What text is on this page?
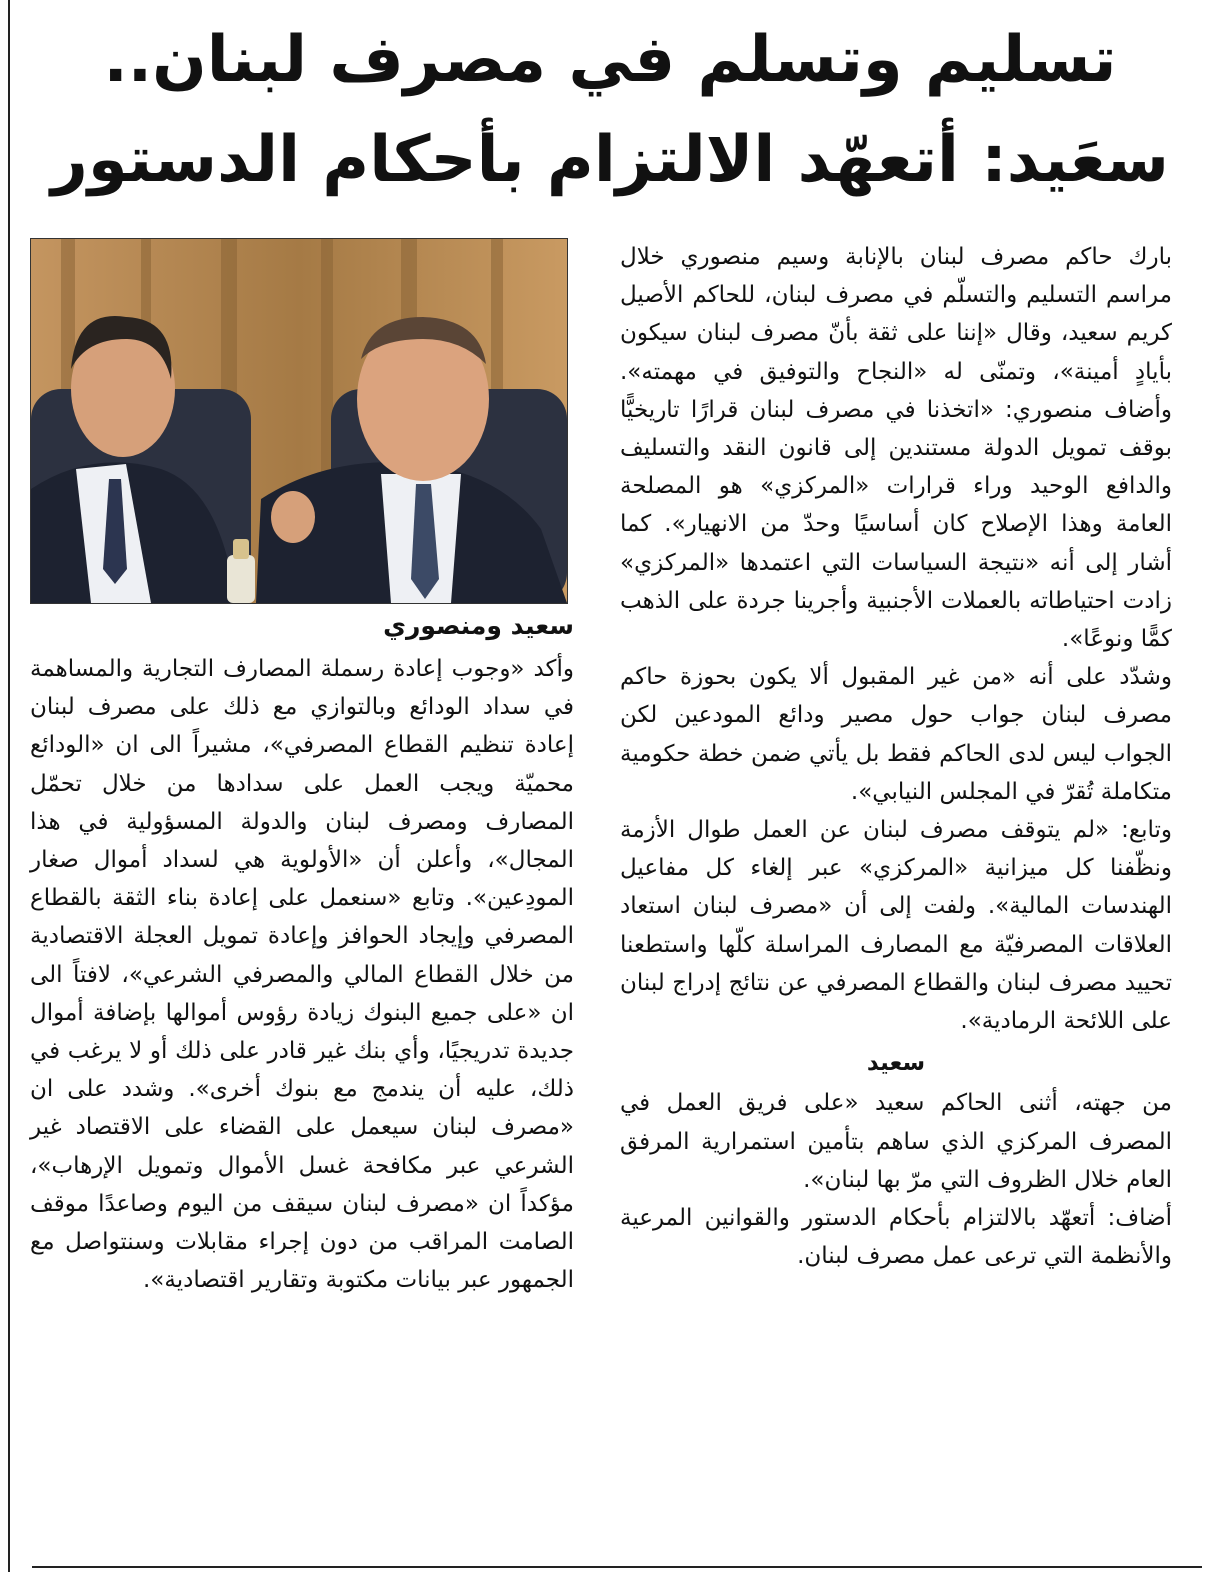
تسليم وتسلم في مصرف لبنان..
سعَيد: أتعهّد الالتزام بأحكام الدستور

بارك حاكم مصرف لبنان بالإنابة وسيم منصوري خلال مراسم التسليم والتسلّم في مصرف لبنان، للحاكم الأصيل كريم سعيد، وقال «إننا على ثقة بأنّ مصرف لبنان سيكون بأيادٍ أمينة»، وتمنّى له «النجاح والتوفيق في مهمته». وأضاف منصوري: «اتخذنا في مصرف لبنان قرارًا تاريخيًّا بوقف تمويل الدولة مستندين إلى قانون النقد والتسليف والدافع الوحيد وراء قرارات «المركزي» هو المصلحة العامة وهذا الإصلاح كان أساسيًا وحدّ من الانهيار». كما أشار إلى أنه «نتيجة السياسات التي اعتمدها «المركزي» زادت احتياطاته بالعملات الأجنبية وأجرينا جردة على الذهب كمًّا ونوعًا».

وشدّد على أنه «من غير المقبول ألا يكون بحوزة حاكم مصرف لبنان جواب حول مصير ودائع المودعين لكن الجواب ليس لدى الحاكم فقط بل يأتي ضمن خطة حكومية متكاملة تُقرّ في المجلس النيابي».

وتابع: «لم يتوقف مصرف لبنان عن العمل طوال الأزمة ونظّفنا كل ميزانية «المركزي» عبر إلغاء كل مفاعيل الهندسات المالية». ولفت إلى أن «مصرف لبنان استعاد العلاقات المصرفيّة مع المصارف المراسلة كلّها واستطعنا تحييد مصرف لبنان والقطاع المصرفي عن نتائج إدراج لبنان على اللائحة الرمادية».

سعيد

من جهته، أثنى الحاكم سعيد «على فريق العمل في المصرف المركزي الذي ساهم بتأمين استمرارية المرفق العام خلال الظروف التي مرّ بها لبنان».

أضاف: أتعهّد بالالتزام بأحكام الدستور والقوانين المرعية والأنظمة التي ترعى عمل مصرف لبنان.

سعيد ومنصوري

وأكد «وجوب إعادة رسملة المصارف التجارية والمساهمة في سداد الودائع وبالتوازي مع ذلك على مصرف لبنان إعادة تنظيم القطاع المصرفي»، مشيراً الى ان «الودائع محميّة ويجب العمل على سدادها من خلال تحمّل المصارف ومصرف لبنان والدولة المسؤولية في هذا المجال»، وأعلن أن «الأولوية هي لسداد أموال صغار المودِعين». وتابع «سنعمل على إعادة بناء الثقة بالقطاع المصرفي وإيجاد الحوافز وإعادة تمويل العجلة الاقتصادية من خلال القطاع المالي والمصرفي الشرعي»، لافتاً الى ان «على جميع البنوك زيادة رؤوس أموالها بإضافة أموال جديدة تدريجيًا، وأي بنك غير قادر على ذلك أو لا يرغب في ذلك، عليه أن يندمج مع بنوك أخرى». وشدد على ان «مصرف لبنان سيعمل على القضاء على الاقتصاد غير الشرعي عبر مكافحة غسل الأموال وتمويل الإرهاب»، مؤكداً ان «مصرف لبنان سيقف من اليوم وصاعدًا موقف الصامت المراقب من دون إجراء مقابلات وسنتواصل مع الجمهور عبر بيانات مكتوبة وتقارير اقتصادية».
